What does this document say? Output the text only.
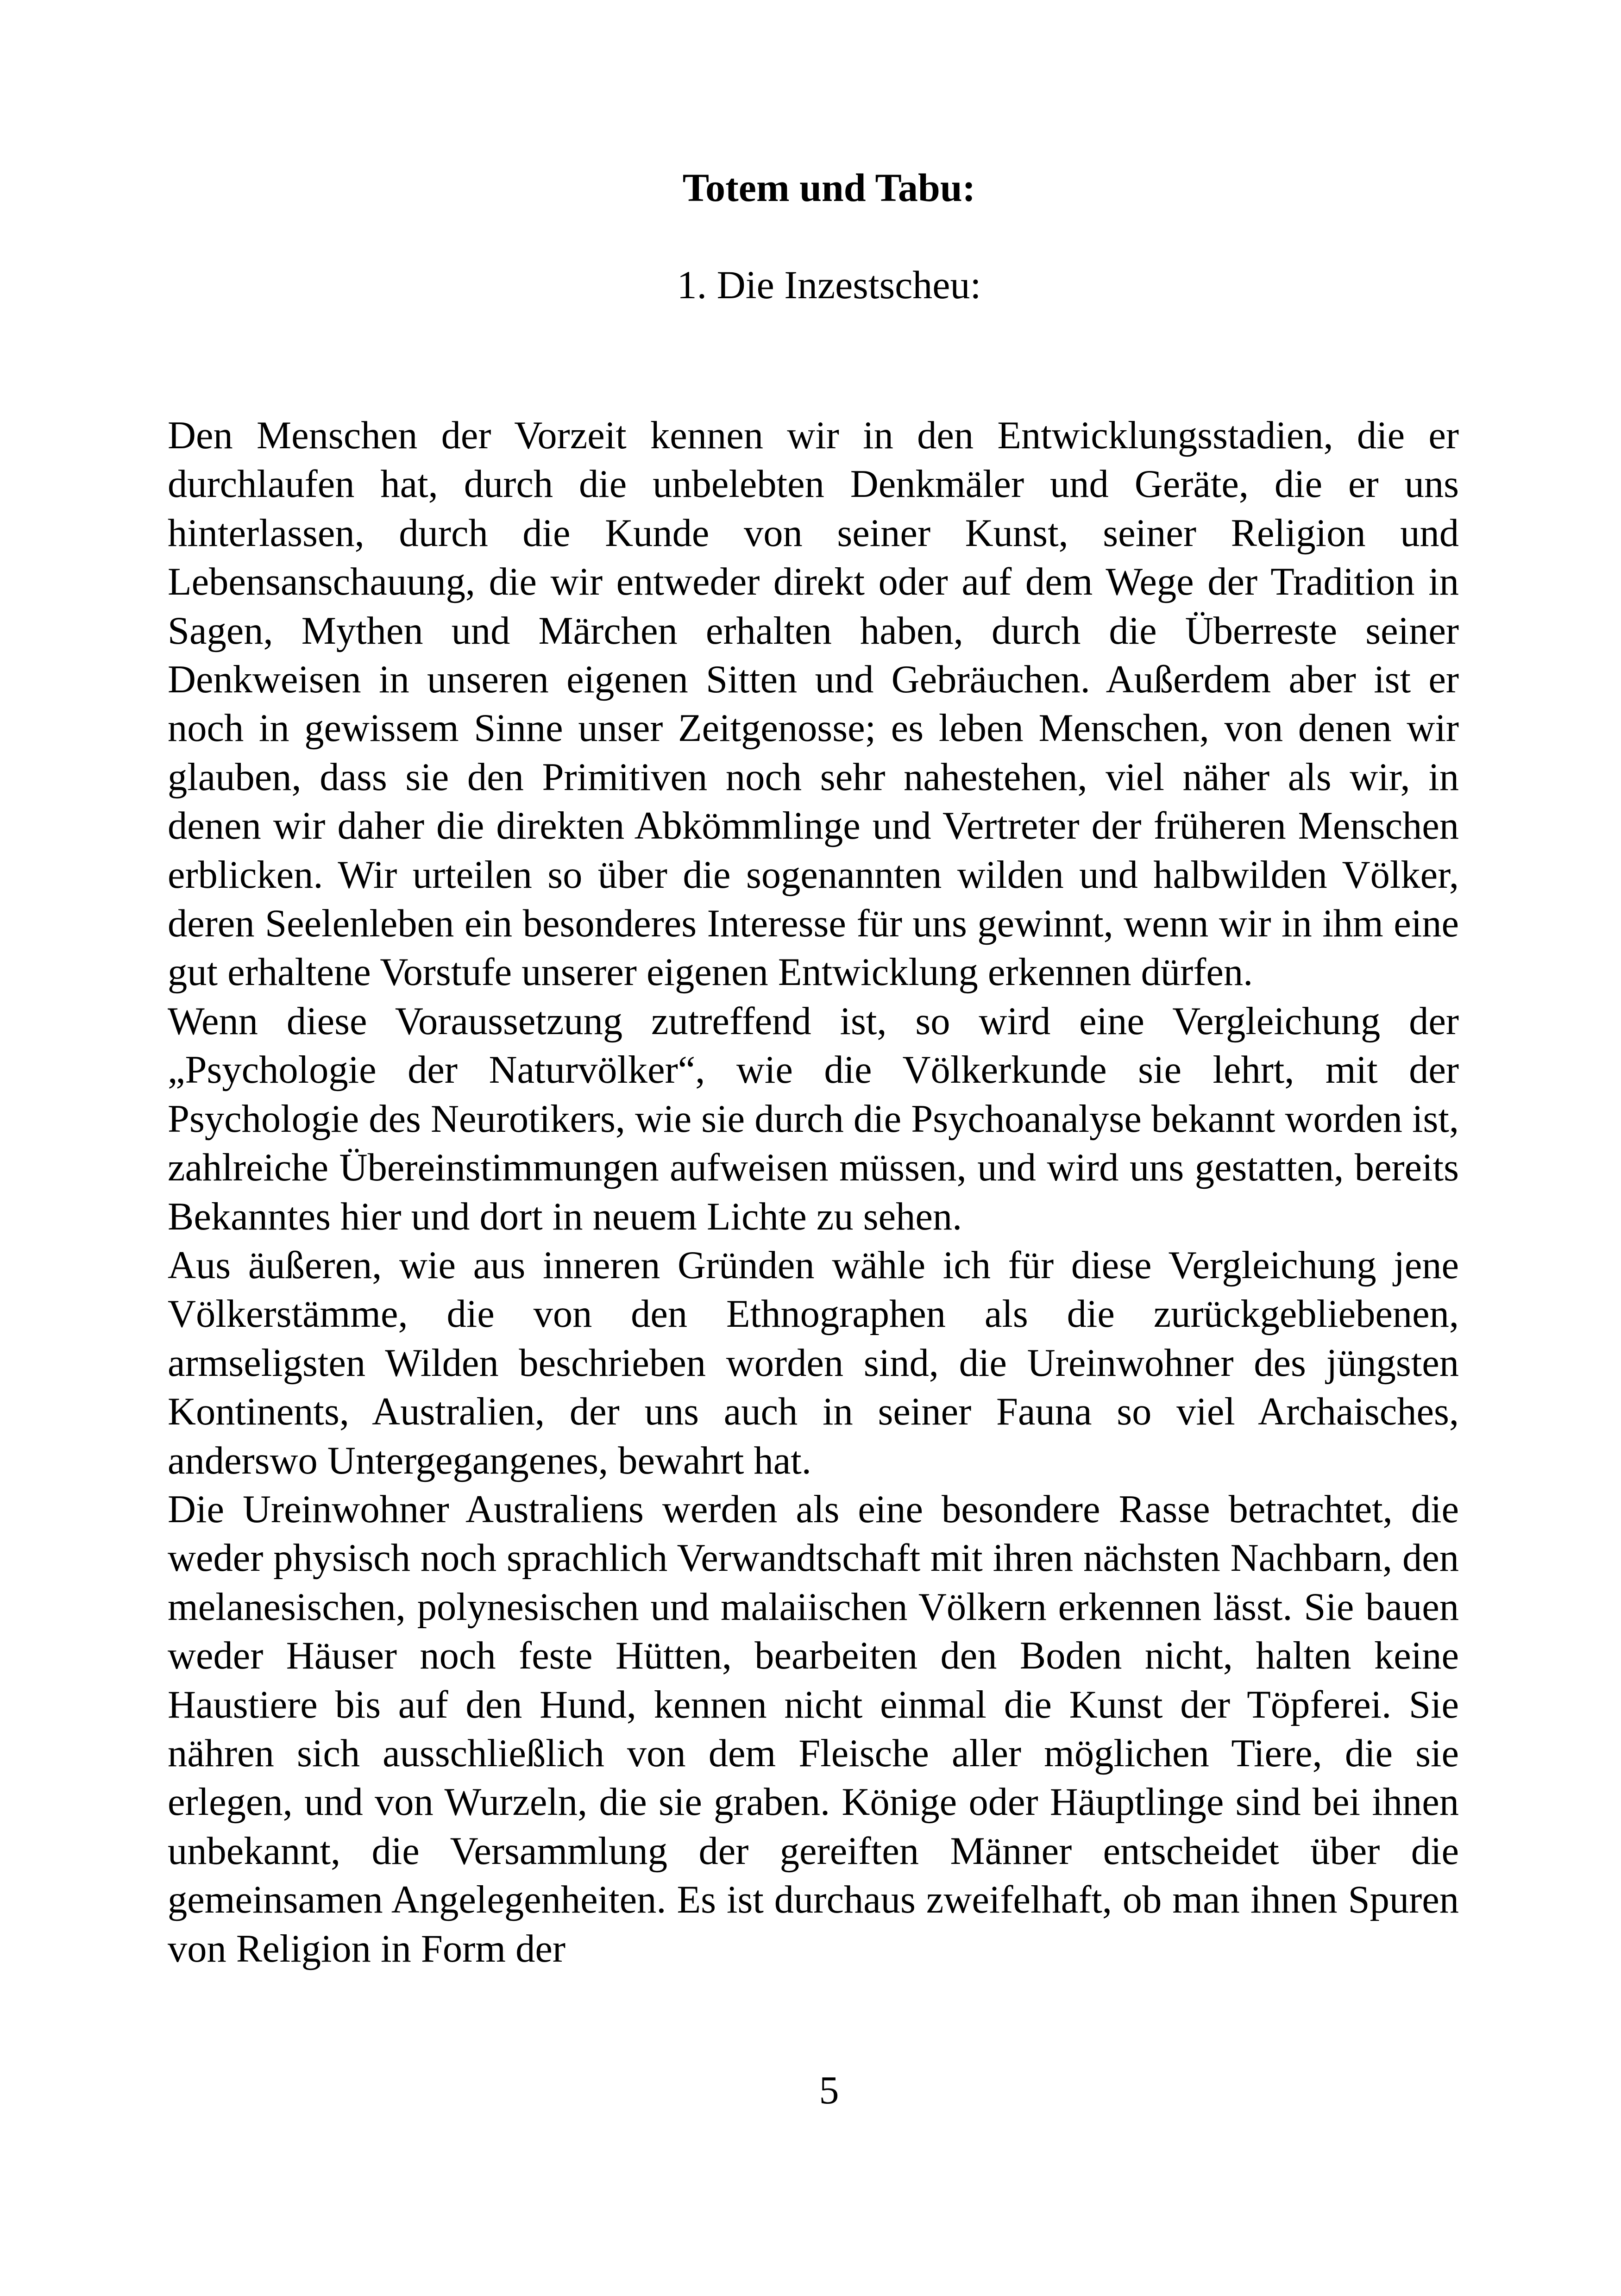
Totem und Tabu:
1. Die Inzestscheu:

Den Menschen der Vorzeit kennen wir in den Entwicklungsstadien, die er durchlaufen hat, durch die unbelebten Denkmäler und Geräte, die er uns hinterlassen, durch die Kunde von seiner Kunst, seiner Religion und Lebensanschauung, die wir entweder direkt oder auf dem Wege der Tradition in Sagen, Mythen und Märchen erhalten haben, durch die Überreste seiner Denkweisen in unseren eigenen Sitten und Gebräuchen. Außerdem aber ist er noch in gewissem Sinne unser Zeitgenosse; es leben Menschen, von denen wir glauben, dass sie den Primitiven noch sehr nahestehen, viel näher als wir, in denen wir daher die direkten Abkömmlinge und Vertreter der früheren Menschen erblicken. Wir urteilen so über die sogenannten wilden und halbwilden Völker, deren Seelenleben ein besonderes Interesse für uns gewinnt, wenn wir in ihm eine gut erhaltene Vorstufe unserer eigenen Entwicklung erkennen dürfen.

Wenn diese Voraussetzung zutreffend ist, so wird eine Vergleichung der „Psychologie der Naturvölker“, wie die Völkerkunde sie lehrt, mit der Psychologie des Neurotikers, wie sie durch die Psychoanalyse bekannt worden ist, zahlreiche Übereinstimmungen aufweisen müssen, und wird uns gestatten, bereits Bekanntes hier und dort in neuem Lichte zu sehen.

Aus äußeren, wie aus inneren Gründen wähle ich für diese Vergleichung jene Völkerstämme, die von den Ethnographen als die zurückgebliebenen, armseligsten Wilden beschrieben worden sind, die Ureinwohner des jüngsten Kontinents, Australien, der uns auch in seiner Fauna so viel Archaisches, anderswo Untergegangenes, bewahrt hat.

Die Ureinwohner Australiens werden als eine besondere Rasse betrachtet, die weder physisch noch sprachlich Verwandtschaft mit ihren nächsten Nachbarn, den melanesischen, polynesischen und malaiischen Völkern erkennen lässt. Sie bauen weder Häuser noch feste Hütten, bearbeiten den Boden nicht, halten keine Haustiere bis auf den Hund, kennen nicht einmal die Kunst der Töpferei. Sie nähren sich ausschließlich von dem Fleische aller möglichen Tiere, die sie erlegen, und von Wurzeln, die sie graben. Könige oder Häuptlinge sind bei ihnen unbekannt, die Versammlung der gereiften Männer entscheidet über die gemeinsamen Angelegenheiten. Es ist durchaus zweifelhaft, ob man ihnen Spuren von Religion in Form der

5
